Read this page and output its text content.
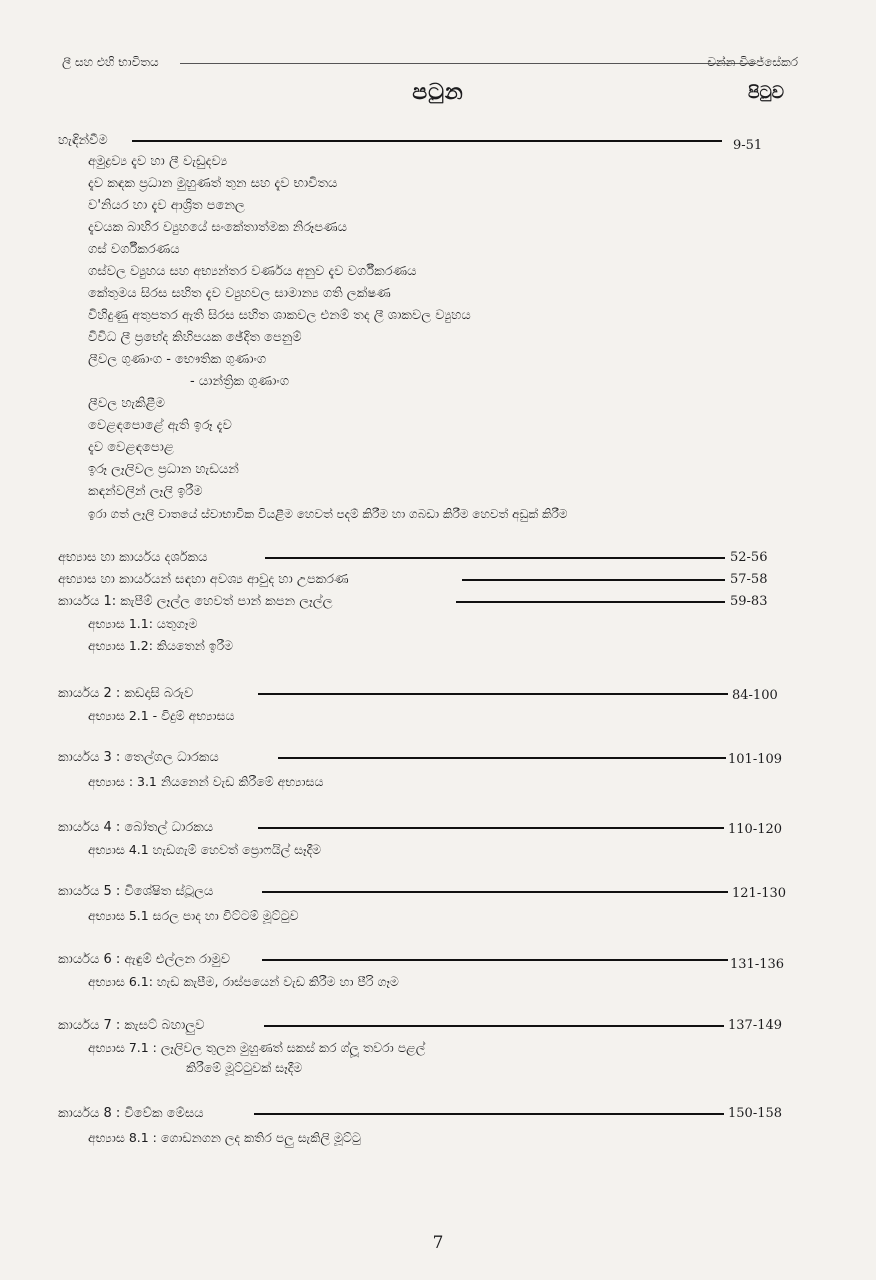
ලී සහ එහි භාවිතය	චන්න විජේසේකර
පටුන	පිටුව
හැඳින්වීම	9-51
අමුද්‍රව්‍ය දැව හා ලී වැඩුදව්‍ය
දැව කඳක ප්‍රධාන මුහුණත් තුන සහ දැව භාවිතය
ව'නියර හා දැව ආශ්‍රිත පනෙල
දැවයක බාහිර ව්‍යුහයේ සංකේතාත්මක නිරූපණය
ගස් වර්ගීකරණය
ගස්වල ව්‍යුහය සහ අභ්‍යන්තර වර්ණය අනුව දැව වර්ගීකරණය
කේතුමය සිරස සහිත දැව ව්‍යුහවල සාමාන්‍ය ගති ලක්ෂණ
විහිදුණු අතුපතර ඇති සිරස සහිත ශාකවල එනම් තද ලී ශාකවල ව්‍යුහය
විවිධ ලී ප්‍රභේද කිහිපයක ඡේදිත පෙනුම්
ලීවල ගුණාංග - භෞතික ගුණාංග
- යාන්ත්‍රික ගුණාංග
ලීවල හැකිළීම
වෙළඳපොළේ ඇති ඉරූ දැව
දැව වෙළඳපොළ
ඉරූ ලෑලිවල ප්‍රධාන හැඩයන්
කඳන්වලින් ලෑලි ඉරීම
ඉරා ගත් ලෑලි වාතයේ ස්වාභාවික වියළීම හෙවත් පදම් කිරීම හා ගබඩා කිරීම හෙවත් අඩුක් කිරීම
අභ්‍යාස හා කාර්යය දර්ශකය	52-56
අභ්‍යාස හා කාර්යයන් සඳහා අවශ්‍ය ආවුද හා උපකරණ	57-58
කාර්යය 1: කැපීම් ලෑල්ල හෙවත් පාන් කපන ලෑල්ල	59-83
අභ්‍යාස 1.1: යතුගෑම
අභ්‍යාස 1.2: කියතෙන් ඉරීම
කාර්යය 2 : කඩදාසි බරුව	84-100
අභ්‍යාස 2.1 - විදුම් අභ්‍යාසය
කාර්යය 3 : තෙල්ගල ධාරකය	101-109
අභ්‍යාස : 3.1 නියනෙන් වැඩ කිරීමේ අභ්‍යාසය
කාර්යය 4 : බෝතල් ධාරකය	110-120
අභ්‍යාස 4.1 හැඩගැම් හෙවත් ප්‍රොෆයිල් සෑදීම
කාර්යය 5 : විශේෂිත ස්ටූලය	121-130
අභ්‍යාස 5.1 සරල පාද හා විට්ටම් මූට්ටුව
කාර්යය 6 : ඇඳුම් එල්ලන රාමුව	131-136
අභ්‍යාස 6.1: හැඩ කැපීම, රාස්පයෙන් වැඩ කිරීම හා පීරි ගෑම
කාර්යය 7 : කැසට් බහාලුව	137-149
අභ්‍යාස 7.1 : ලෑලිවල තුලන මුහුණත් සකස් කර ග්ලූ තවරා පළල්
කිරීමේ මූට්ටුවක් සෑදීම
කාර්යය 8 : විවේක මේසය	150-158
අභ්‍යාස 8.1 : ගොඩනගන ලද කතිර පලු සැකිලි මූට්ටු
7
